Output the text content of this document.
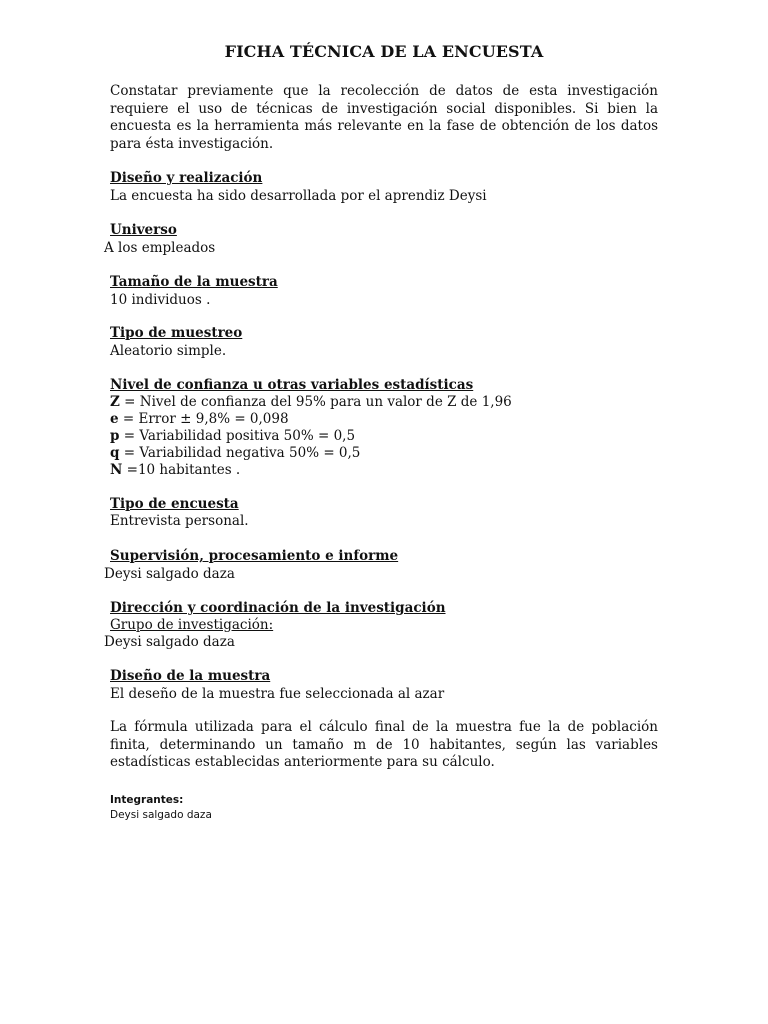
FICHA TÉCNICA DE LA ENCUESTA
Constatar previamente que la recolección de datos de esta investigación requiere el uso de técnicas de investigación social disponibles. Si bien la encuesta es la herramienta más relevante en la fase de obtención de los datos para ésta investigación.
Diseño y realización
La encuesta ha sido desarrollada por el aprendiz Deysi
Universo
A los empleados
Tamaño de la muestra
10 individuos .
Tipo de muestreo
Aleatorio simple.
Nivel de confianza u otras variables estadísticas
Z = Nivel de confianza del 95% para un valor de Z de 1,96
e = Error ± 9,8% = 0,098
p = Variabilidad positiva 50% = 0,5
q = Variabilidad negativa 50% = 0,5
N =10 habitantes .
Tipo de encuesta
Entrevista personal.
Supervisión, procesamiento e informe
Deysi salgado daza
Dirección y coordinación de la investigación
Grupo de investigación:
Deysi salgado daza
Diseño de la muestra
El deseño de la muestra fue seleccionada al azar
La fórmula utilizada para el cálculo final de la muestra fue la de población finita, determinando un tamaño m de 10 habitantes, según las variables estadísticas establecidas anteriormente para su cálculo.
Integrantes:
Deysi salgado daza
